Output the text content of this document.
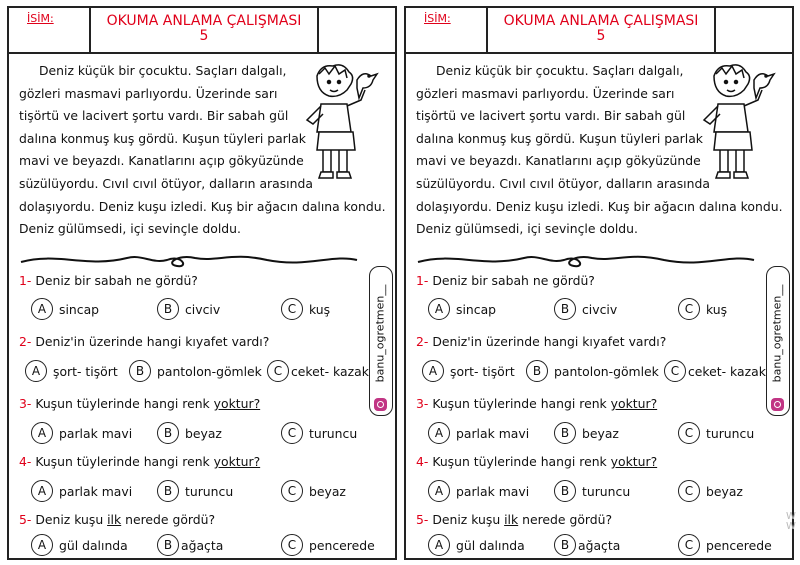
İSİM:	OKUMA ANLAMA ÇALIŞMASI
5
Deniz küçük bir çocuktu. Saçları dalgalı,
gözleri masmavi parlıyordu. Üzerinde sarı
tişörtü ve lacivert şortu vardı. Bir sabah gül
dalına konmuş kuş gördü. Kuşun tüyleri parlak
mavi ve beyazdı. Kanatlarını açıp gökyüzünde
süzülüyordu. Cıvıl cıvıl ötüyor, dalların arasında
dolaşıyordu. Deniz kuşu izledi. Kuş bir ağacın dalına kondu.
Deniz gülümsedi, içi sevinçle doldu.
banu_ogretmen__
1- Deniz bir sabah ne gördü?
A	sincap	B	civciv	C	kuş
2- Deniz'in üzerinde hangi kıyafet vardı?
A	şort- tişört	B	pantolon-gömlek C ceket- kazak
3- Kuşun tüylerinde hangi renk yoktur?
A	parlak mavi	B	beyaz	C	turuncu
4- Kuşun tüylerinde hangi renk yoktur?
A	parlak mavi	B	turuncu	C	beyaz
5- Deniz kuşu ilk nerede gördü?
A	gül dalında	B ağaçta	C	pencerede
İSİM:	OKUMA ANLAMA ÇALIŞMASI
5
Deniz küçük bir çocuktu. Saçları dalgalı,
gözleri masmavi parlıyordu. Üzerinde sarı
tişörtü ve lacivert şortu vardı. Bir sabah gül
dalına konmuş kuş gördü. Kuşun tüyleri parlak
mavi ve beyazdı. Kanatlarını açıp gökyüzünde
süzülüyordu. Cıvıl cıvıl ötüyor, dalların arasında
dolaşıyordu. Deniz kuşu izledi. Kuş bir ağacın dalına kondu.
Deniz gülümsedi, içi sevinçle doldu.
banu_ogretmen__
1- Deniz bir sabah ne gördü?
A	sincap	B	civciv	C	kuş
2- Deniz'in üzerinde hangi kıyafet vardı?
A	şort- tişört	B	pantolon-gömlek C ceket- kazak
3- Kuşun tüylerinde hangi renk yoktur?
A	parlak mavi	B	beyaz	C	turuncu
4- Kuşun tüylerinde hangi renk yoktur?
A	parlak mavi	B	turuncu	C	beyaz
5- Deniz kuşu ilk nerede gördü?
A	gül dalında	B ağaçta	C	pencerede
W
W
